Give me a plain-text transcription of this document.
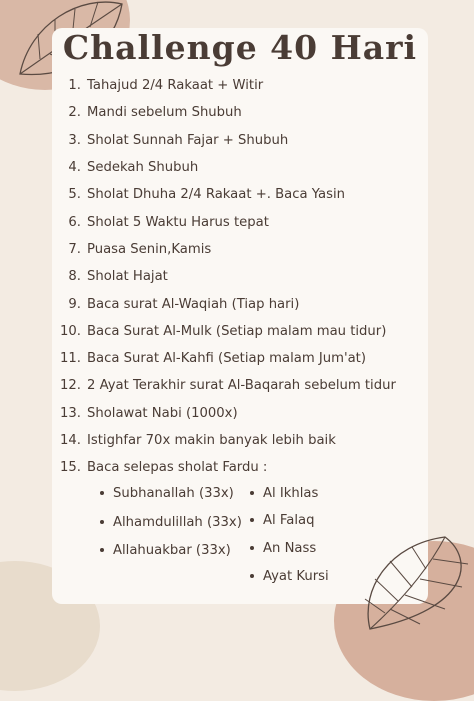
Challenge 40 Hari
1. Tahajud 2/4 Rakaat + Witir
2. Mandi sebelum Shubuh
3. Sholat Sunnah Fajar + Shubuh
4. Sedekah Shubuh
5. Sholat Dhuha 2/4 Rakaat +. Baca Yasin
6. Sholat 5 Waktu Harus tepat
7. Puasa Senin,Kamis
8. Sholat Hajat
9. Baca surat Al-Waqiah (Tiap hari)
10. Baca Surat Al-Mulk (Setiap malam mau tidur)
11. Baca Surat Al-Kahfi (Setiap malam Jum'at)
12. 2 Ayat Terakhir surat Al-Baqarah sebelum tidur
13. Sholawat Nabi (1000x)
14. Istighfar 70x makin banyak lebih baik
15. Baca selepas sholat Fardu :
Subhanallah (33x)
Alhamdulillah (33x)
Allahuakbar (33x)
Al Ikhlas
Al Falaq
An Nass
Ayat Kursi
